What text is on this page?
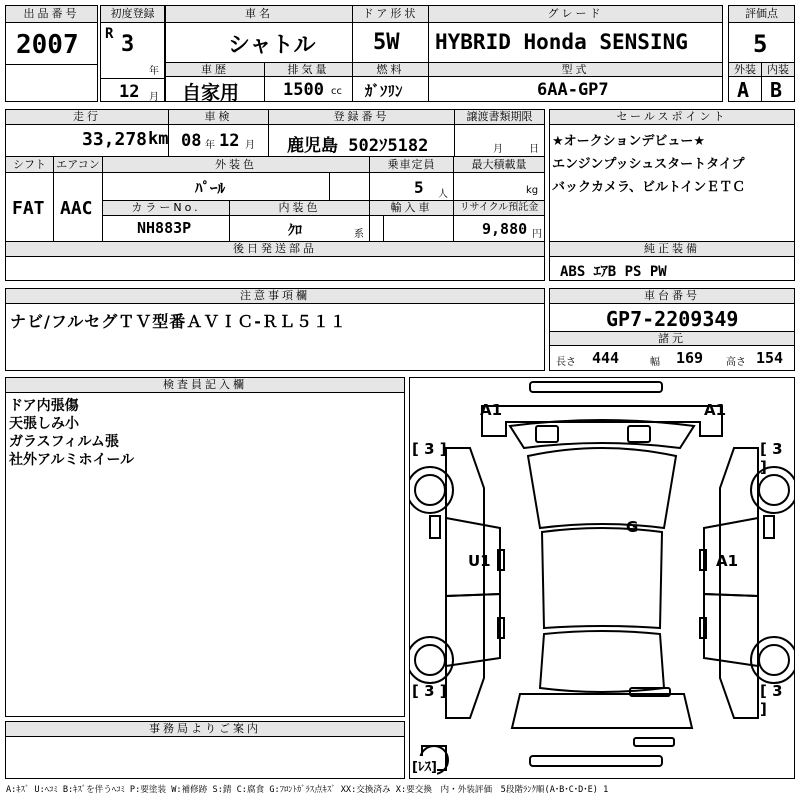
出品番号
2007
初度登録
R 3
年
12 月
車名
シャトル
ドア形状
5W
グレード
HYBRID Honda SENSING
評価点
5
車歴
自家用
排気量
1500 cc
燃料
ｶﾞｿﾘﾝ
型式
6AA-GP7
外装
A
内装
B
走行
33,278 km
車検
08 年 12 月
登録番号
鹿児島 502ｿ5182
譲渡書類期限
月	日
セールスポイント
★オークションデビュー★
エンジンプッシュスタートタイプ
バックカメラ、ビルトインＥＴＣ
シフト
FAT
エアコン
AAC
外装色
ﾊﾟｰﾙ
乗車定員
5 人
最大積載量
kg
カラーNo.
NH883P
内装色
ｸﾛ	系
輸入車	リサイクル預託金
9,880 円
後日発送部品	純正装備
ABS ｴｱB PS PW
注意事項欄
ナビ/フルセグＴＶ型番ＡＶＩＣ-ＲＬ５１１
車台番号
GP7-2209349
諸元
長さ 444	幅 169 高さ 154
検査員記入欄
ドア内張傷
天張しみ小
ガラスフィルム張
社外アルミホイール
事務局よりご案内
A1	A1
[ 3 ]	[ 3 ]
G
U1	A1
[ 3 ]	[ 3 ]
[ﾚｽ]
A:ｷｽﾞ U:ﾍｺﾐ B:ｷｽﾞを伴うﾍｺﾐ P:要塗装 W:補修跡 S:錆 C:腐食 G:ﾌﾛﾝﾄｶﾞﾗｽ点ｷｽﾞ XX:交換済み X:要交換　内・外装評価　5段階ﾗﾝｸ順(A･B･C･D･E) 1
